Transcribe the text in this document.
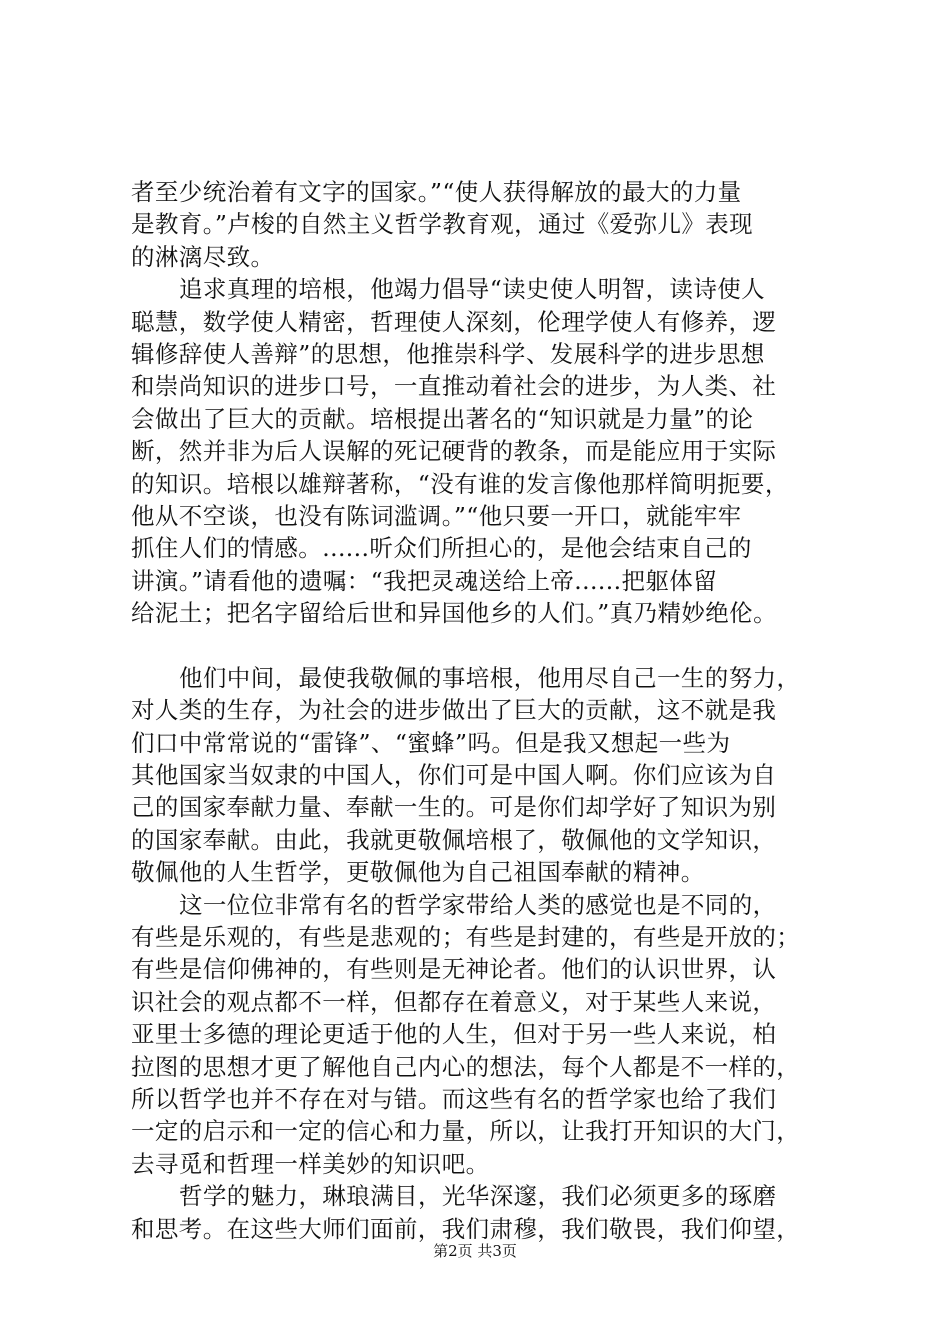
者至少统治着有文字的国家。”“使人获得解放的最大的力量
是教育。”卢梭的自然主义哲学教育观，通过《爱弥儿》表现
的淋漓尽致。
追求真理的培根，他竭力倡导“读史使人明智，读诗使人
聪慧，数学使人精密，哲理使人深刻，伦理学使人有修养，逻
辑修辞使人善辩”的思想，他推崇科学、发展科学的进步思想
和崇尚知识的进步口号，一直推动着社会的进步，为人类、社
会做出了巨大的贡献。培根提出著名的“知识就是力量”的论
断，然并非为后人误解的死记硬背的教条，而是能应用于实际
的知识。培根以雄辩著称，“没有谁的发言像他那样简明扼要，
他从不空谈，也没有陈词滥调。”“他只要一开口，就能牢牢
抓住人们的情感。......听众们所担心的，是他会结束自己的
讲演。”请看他的遗嘱：“我把灵魂送给上帝......把躯体留
给泥土；把名字留给后世和异国他乡的人们。”真乃精妙绝伦。
他们中间，最使我敬佩的事培根，他用尽自己一生的努力，
对人类的生存，为社会的进步做出了巨大的贡献，这不就是我
们口中常常说的“雷锋”、“蜜蜂”吗。但是我又想起一些为
其他国家当奴隶的中国人，你们可是中国人啊。你们应该为自
己的国家奉献力量、奉献一生的。可是你们却学好了知识为别
的国家奉献。由此，我就更敬佩培根了，敬佩他的文学知识，
敬佩他的人生哲学，更敬佩他为自己祖国奉献的精神。
这一位位非常有名的哲学家带给人类的感觉也是不同的，
有些是乐观的，有些是悲观的；有些是封建的，有些是开放的；
有些是信仰佛神的，有些则是无神论者。他们的认识世界，认
识社会的观点都不一样，但都存在着意义，对于某些人来说，
亚里士多德的理论更适于他的人生，但对于另一些人来说，柏
拉图的思想才更了解他自己内心的想法，每个人都是不一样的，
所以哲学也并不存在对与错。而这些有名的哲学家也给了我们
一定的启示和一定的信心和力量，所以，让我打开知识的大门，
去寻觅和哲理一样美妙的知识吧。
哲学的魅力，琳琅满目，光华深邃，我们必须更多的琢磨
和思考。在这些大师们面前，我们肃穆，我们敬畏，我们仰望，
第2页 共3页
